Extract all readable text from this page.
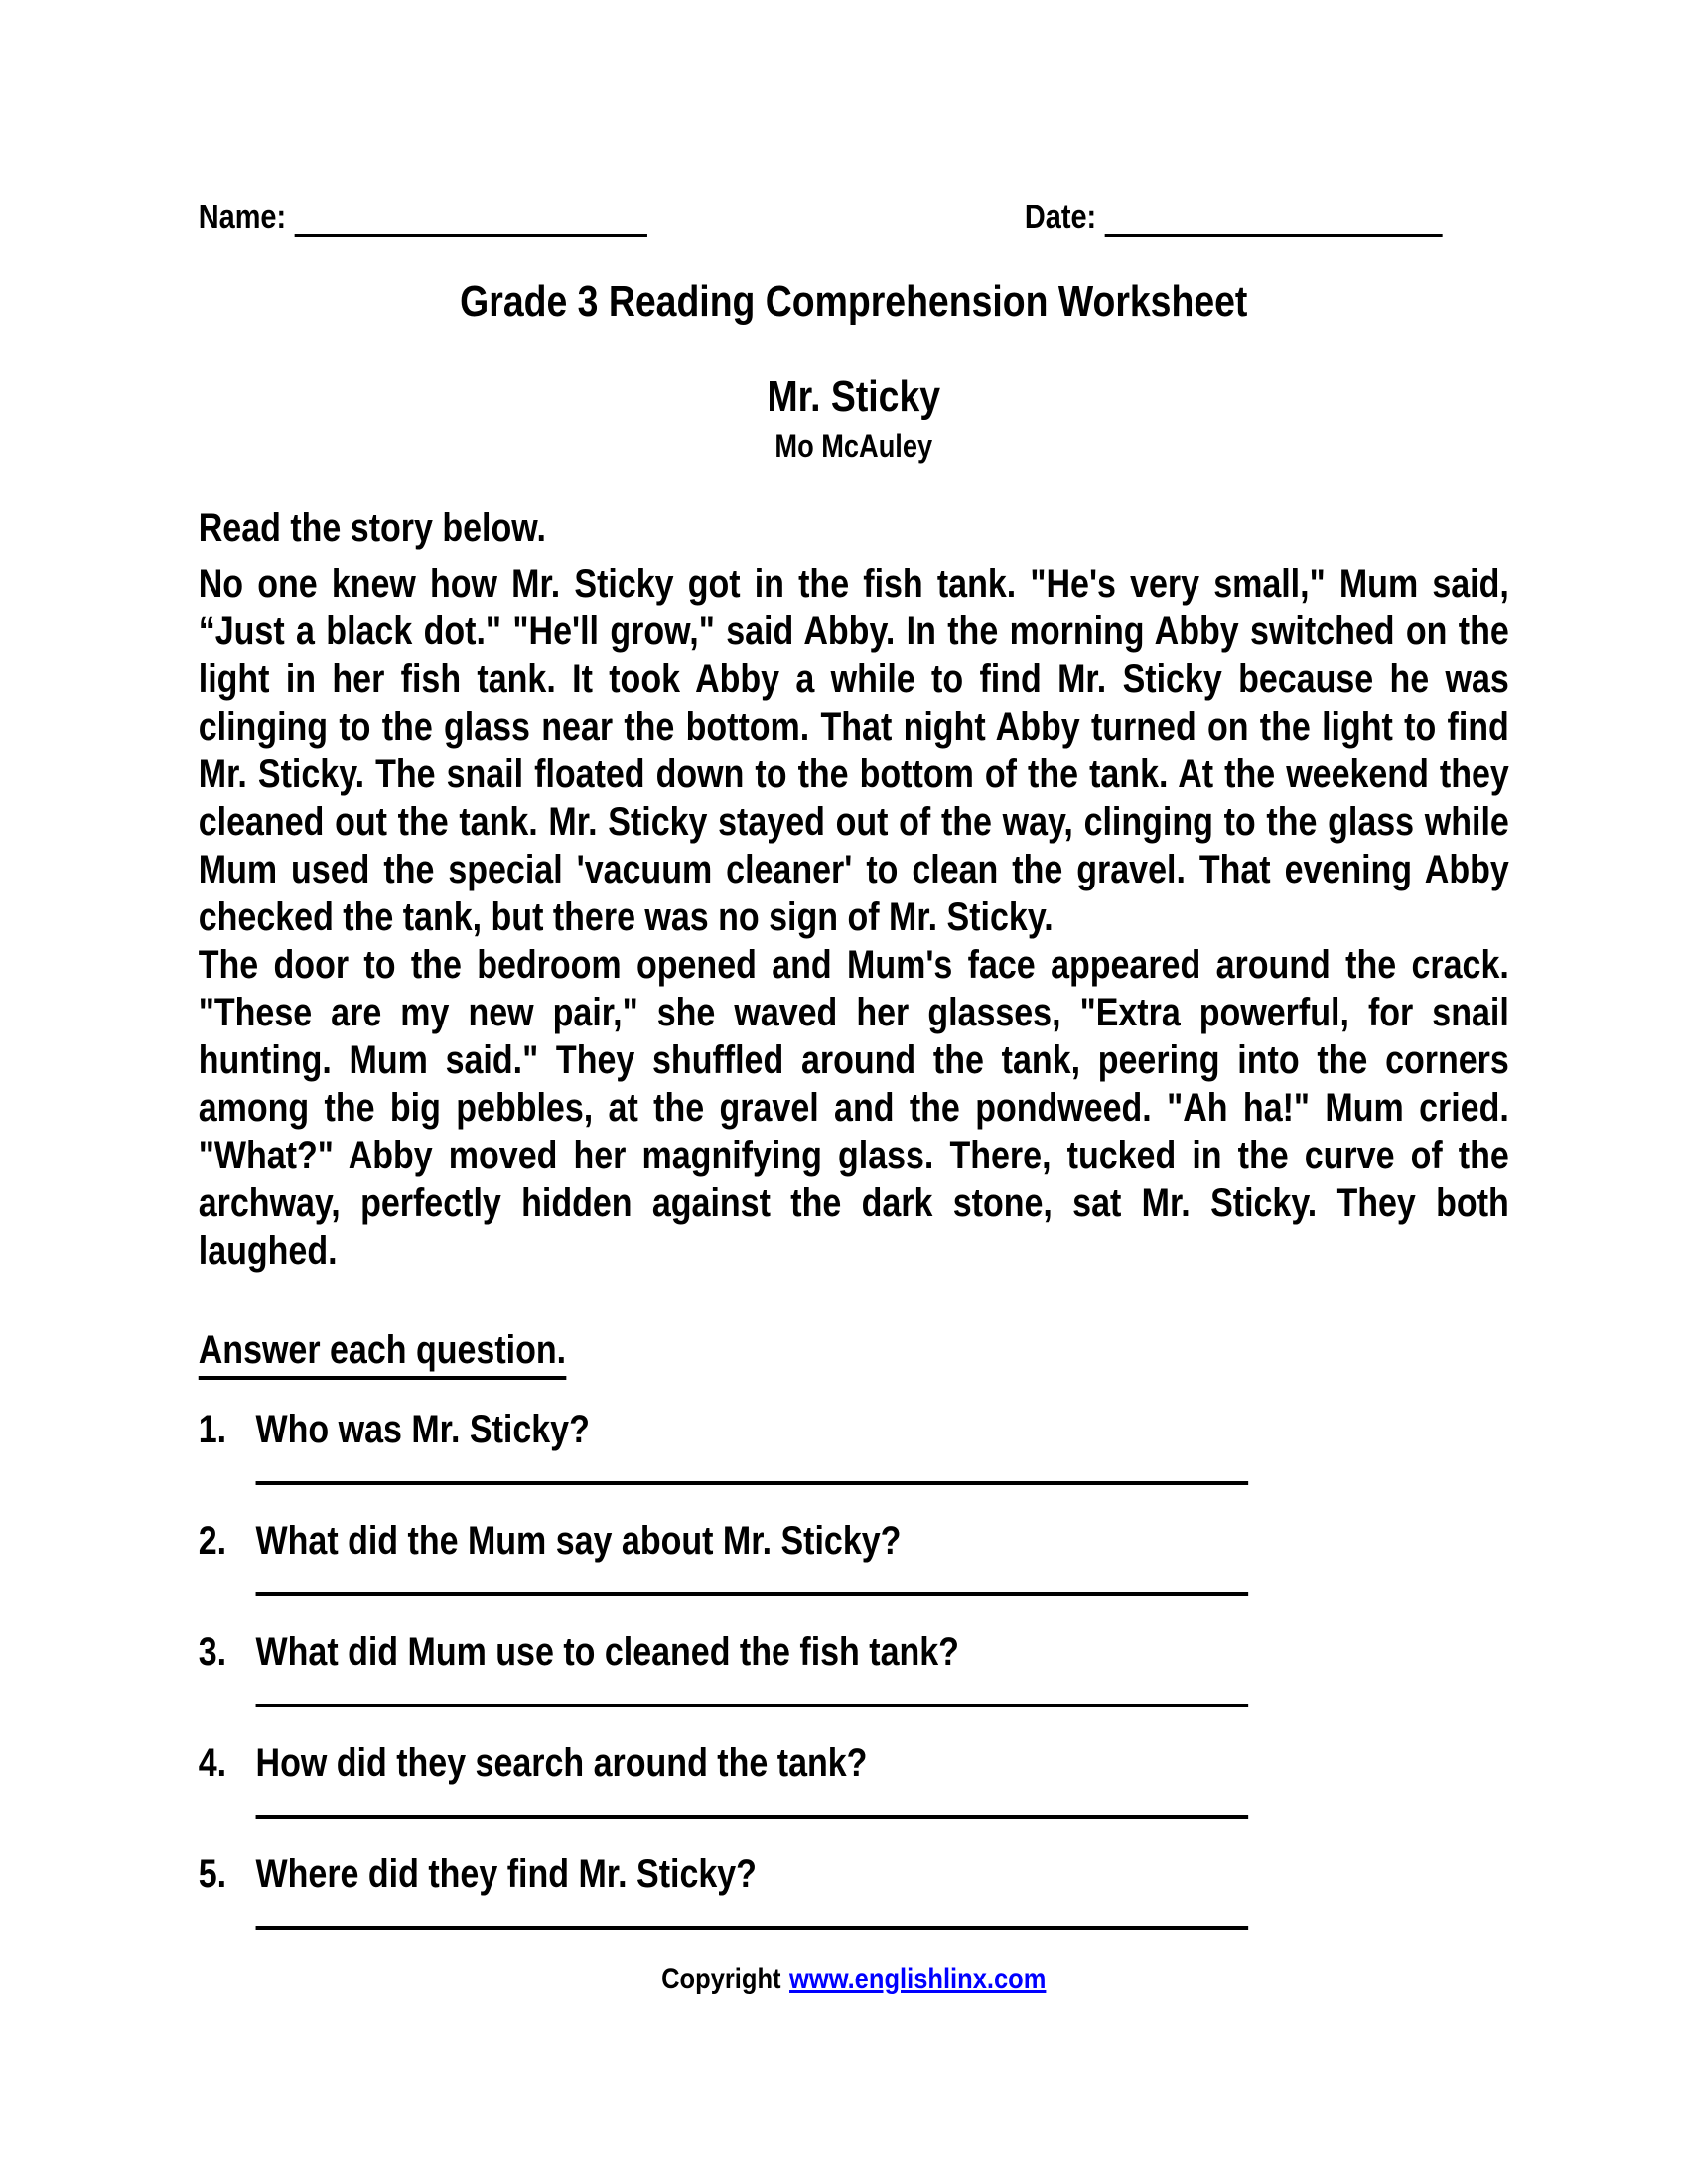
Name:	Date:
Grade 3 Reading Comprehension Worksheet
Mr. Sticky
Mo McAuley
Read the story below.

No one knew how Mr. Sticky got in the fish tank. "He's very small," Mum said, “Just a black dot." "He'll grow," said Abby. In the morning Abby switched on the light in her fish tank. It took Abby a while to find Mr. Sticky because he was clinging to the glass near the bottom. That night Abby turned on the light to find Mr. Sticky. The snail floated down to the bottom of the tank. At the weekend they cleaned out the tank. Mr. Sticky stayed out of the way, clinging to the glass while Mum used the special 'vacuum cleaner' to clean the gravel. That evening Abby checked the tank, but there was no sign of Mr. Sticky.

The door to the bedroom opened and Mum's face appeared around the crack. "These are my new pair," she waved her glasses, "Extra powerful, for snail hunting. Mum said." They shuffled around the tank, peering into the corners among the big pebbles, at the gravel and the pondweed. "Ah ha!" Mum cried. "What?" Abby moved her magnifying glass. There, tucked in the curve of the archway, perfectly hidden against the dark stone, sat Mr. Sticky. They both laughed.

Answer each question.
1. Who was Mr. Sticky?
2. What did the Mum say about Mr. Sticky?
3. What did Mum use to cleaned the fish tank?
4. How did they search around the tank?
5. Where did they find Mr. Sticky?
Copyright www.englishlinx.com
